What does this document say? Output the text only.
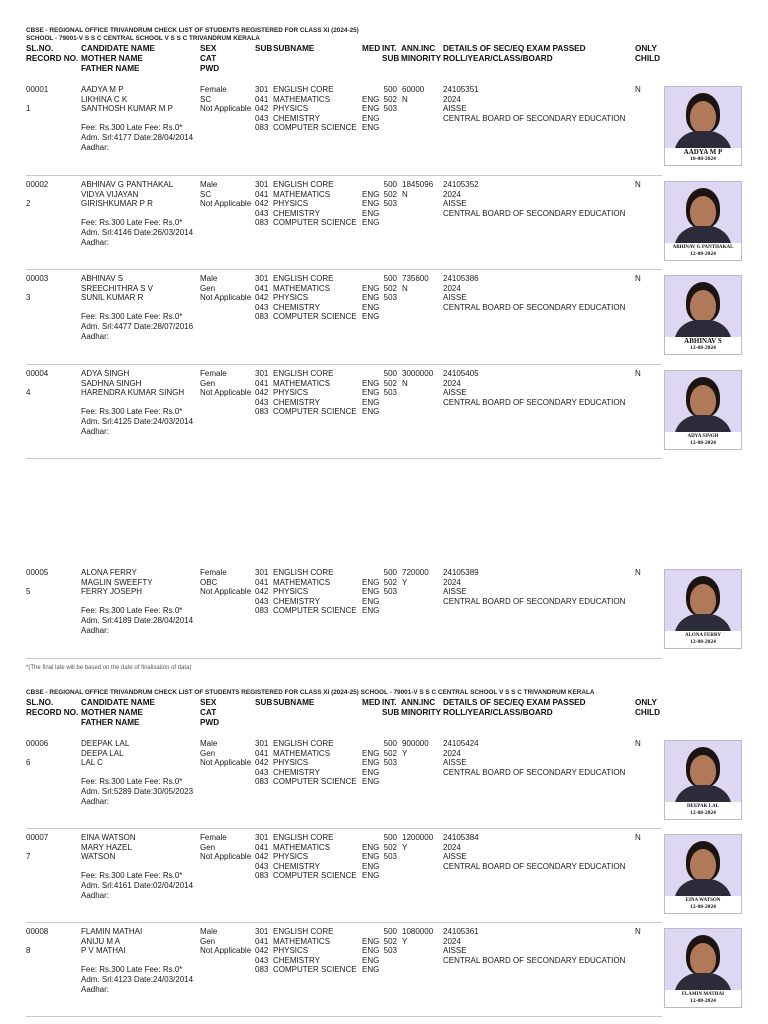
CBSE - REGIONAL OFFICE TRIVANDRUM CHECK LIST OF STUDENTS REGISTERED FOR CLASS XI (2024-25)
SCHOOL - 79001-V S S C CENTRAL SCHOOL V S S C TRIVANDRUM KERALA
SL.NO.
RECORD NO.
CANDIDATE NAME
MOTHER NAME
FATHER NAME
SEX
CAT
PWD
SUB SUBNAME	MED INT.
SUB
ANN.INC
MINORITY
DETAILS OF SEC/EQ EXAM PASSED
ROLL/YEAR/CLASS/BOARD
ONLY
CHILD
00001
1
AADYA M P
LIKHINA C K
SANTHOSH KUMAR M P

Fee: Rs.300 Late Fee: Rs.0*
Adm. Srl:4177 Date:28/04/2014
Aadhar:
Female
SC
Not Applicable
301
041
042
043
083
ENGLISH CORE
MATHEMATICS
PHYSICS
CHEMISTRY
COMPUTER SCIENCE

ENG
ENG
ENG
ENG
500
502
503
60000
N
24105351
2024
AISSE
CENTRAL BOARD OF SECONDARY EDUCATION
N
AADYA M P
10-08-2024
00002
2
ABHINAV G PANTHAKAL
VIDYA VIJAYAN
GIRISHKUMAR P R

Fee: Rs.300 Late Fee: Rs.0*
Adm. Srl:4146 Date:26/03/2014
Aadhar:
Male
SC
Not Applicable
301
041
042
043
083
ENGLISH CORE
MATHEMATICS
PHYSICS
CHEMISTRY
COMPUTER SCIENCE

ENG
ENG
ENG
ENG
500
502
503
1845096
N
24105352
2024
AISSE
CENTRAL BOARD OF SECONDARY EDUCATION
N
ABHINAV G PANTHAKAL
12-08-2024
00003
3
ABHINAV S
SREECHITHRA S V
SUNIL KUMAR R

Fee: Rs.300 Late Fee: Rs.0*
Adm. Srl:4477 Date:28/07/2016
Aadhar:
Male
Gen
Not Applicable
301
041
042
043
083
ENGLISH CORE
MATHEMATICS
PHYSICS
CHEMISTRY
COMPUTER SCIENCE

ENG
ENG
ENG
ENG
500
502
503
735600
N
24105386
2024
AISSE
CENTRAL BOARD OF SECONDARY EDUCATION
N
ABHINAV S
12-08-2024
00004
4
ADYA SINGH
SADHNA SINGH
HARENDRA KUMAR SINGH

Fee: Rs.300 Late Fee: Rs.0*
Adm. Srl:4125 Date:24/03/2014
Aadhar:
Female
Gen
Not Applicable
301
041
042
043
083
ENGLISH CORE
MATHEMATICS
PHYSICS
CHEMISTRY
COMPUTER SCIENCE

ENG
ENG
ENG
ENG
500
502
503
3000000
N
24105405
2024
AISSE
CENTRAL BOARD OF SECONDARY EDUCATION
N
ADYA SINGH
12-08-2024
00005
5
ALONA FERRY
MAGLIN SWEEFTY
FERRY JOSEPH

Fee: Rs.300 Late Fee: Rs.0*
Adm. Srl:4189 Date:28/04/2014
Aadhar:
Female
OBC
Not Applicable
301
041
042
043
083
ENGLISH CORE
MATHEMATICS
PHYSICS
CHEMISTRY
COMPUTER SCIENCE

ENG
ENG
ENG
ENG
500
502
503
720000
Y
24105389
2024
AISSE
CENTRAL BOARD OF SECONDARY EDUCATION
N
ALONA FERRY
12-08-2024
*(The final late will be based on the date of finalisation of data)
CBSE - REGIONAL OFFICE TRIVANDRUM CHECK LIST OF STUDENTS REGISTERED FOR CLASS XI (2024-25) SCHOOL - 79001-V S S C CENTRAL SCHOOL V S S C TRIVANDRUM KERALA
SL.NO.
RECORD NO.
CANDIDATE NAME
MOTHER NAME
FATHER NAME
SEX
CAT
PWD
SUB SUBNAME	MED INT.
SUB
ANN.INC
MINORITY
DETAILS OF SEC/EQ EXAM PASSED
ROLL/YEAR/CLASS/BOARD
ONLY
CHILD
00006
6
DEEPAK LAL
DEEPA LAL
LAL C

Fee: Rs.300 Late Fee: Rs.0*
Adm. Srl:5289 Date:30/05/2023
Aadhar:
Male
Gen
Not Applicable
301
041
042
043
083
ENGLISH CORE
MATHEMATICS
PHYSICS
CHEMISTRY
COMPUTER SCIENCE

ENG
ENG
ENG
ENG
500
502
503
900000
Y
24105424
2024
AISSE
CENTRAL BOARD OF SECONDARY EDUCATION
N
DEEPAK LAL
12-08-2024
00007
7
EINA WATSON
MARY HAZEL
WATSON

Fee: Rs.300 Late Fee: Rs.0*
Adm. Srl:4161 Date:02/04/2014
Aadhar:
Female
Gen
Not Applicable
301
041
042
043
083
ENGLISH CORE
MATHEMATICS
PHYSICS
CHEMISTRY
COMPUTER SCIENCE

ENG
ENG
ENG
ENG
500
502
503
1200000
Y
24105384
2024
AISSE
CENTRAL BOARD OF SECONDARY EDUCATION
N
EINA WATSON
12-08-2024
00008
8
FLAMIN MATHAI
ANIJU M A
P V MATHAI

Fee: Rs.300 Late Fee: Rs.0*
Adm. Srl:4123 Date:24/03/2014
Aadhar:
Male
Gen
Not Applicable
301
041
042
043
083
ENGLISH CORE
MATHEMATICS
PHYSICS
CHEMISTRY
COMPUTER SCIENCE

ENG
ENG
ENG
ENG
500
502
503
1080000
Y
24105361
2024
AISSE
CENTRAL BOARD OF SECONDARY EDUCATION
N
FLAMIN MATHAI
12-08-2024
